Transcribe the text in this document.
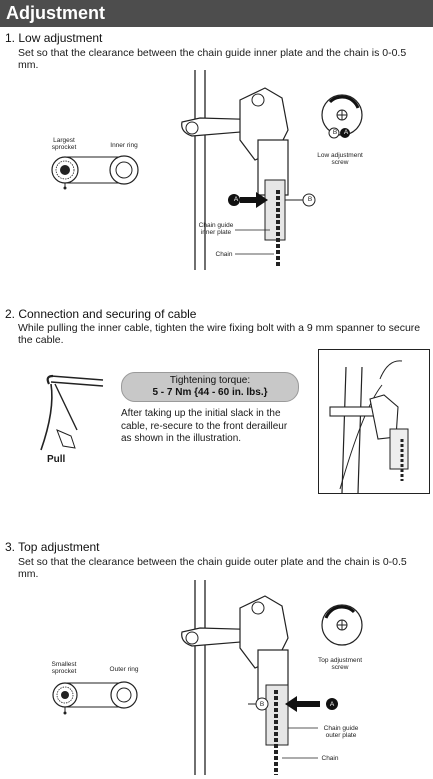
Adjustment
1. Low adjustment
Set so that the clearance between the chain guide inner plate and the chain is 0-0.5 mm.
Largest sprocket	Inner ring
A	B
B	A
Low adjustment screw
Chain guide inner plate
Chain
2. Connection and securing of cable
While pulling the inner cable, tighten the wire fixing bolt with a 9 mm spanner to secure the cable.
Pull
Tightening torque:
5 - 7 Nm {44 - 60 in. lbs.}
After taking up the initial slack in the cable, re-secure to the front derailleur as shown in the illustration.
3. Top adjustment
Set so that the clearance between the chain guide outer plate and the chain is 0-0.5 mm.
Smallest sprocket	Outer ring
B	A
Top adjustment screw
Chain guide outer plate
Chain
